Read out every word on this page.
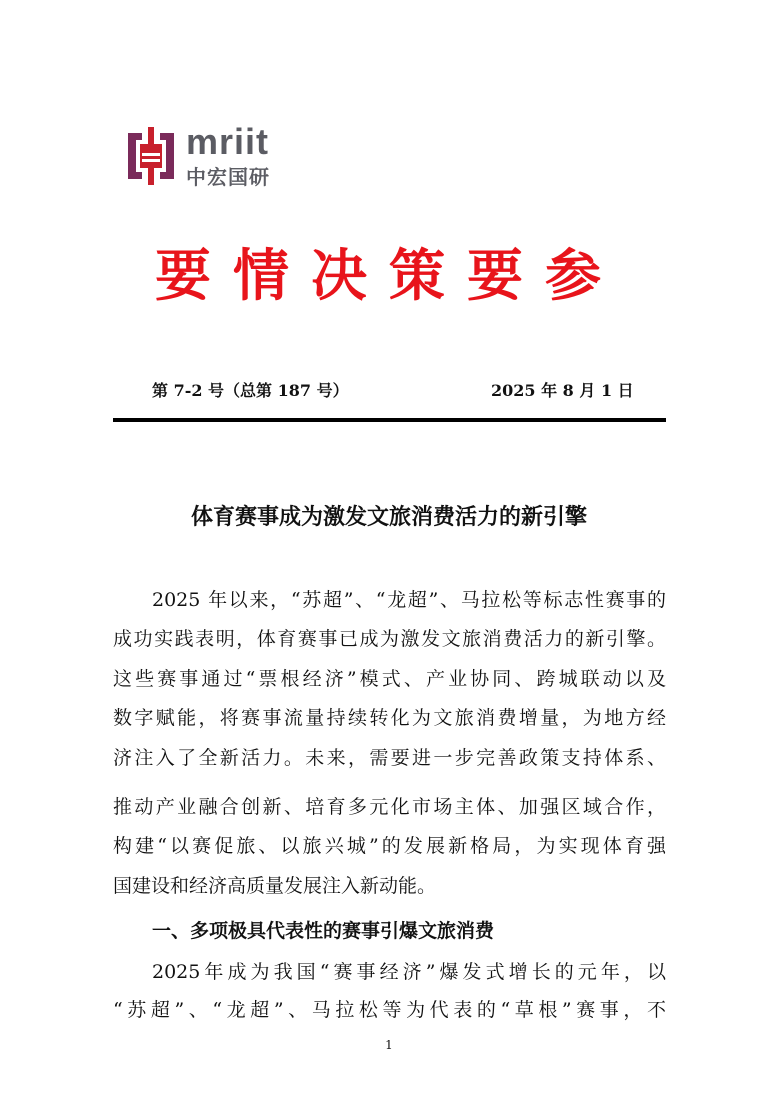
mriit
中宏国研
要情决策要参
第 7-2 号（总第 187 号）	2025 年 8 月 1 日
体育赛事成为激发文旅消费活力的新引擎
2025 年以来，“苏超”、“龙超”、马拉松等标志性赛事的
成功实践表明，体育赛事已成为激发文旅消费活力的新引擎。
这些赛事通过“票根经济”模式、产业协同、跨城联动以及
数字赋能，将赛事流量持续转化为文旅消费增量，为地方经
济注入了全新活力。未来，需要进一步完善政策支持体系、
推动产业融合创新、培育多元化市场主体、加强区域合作，
构建“以赛促旅、以旅兴城”的发展新格局，为实现体育强
国建设和经济高质量发展注入新动能。
一、多项极具代表性的赛事引爆文旅消费
2025年成为我国“赛事经济”爆发式增长的元年，以
“苏超”、“龙超”、马拉松等为代表的“草根”赛事，不
1
